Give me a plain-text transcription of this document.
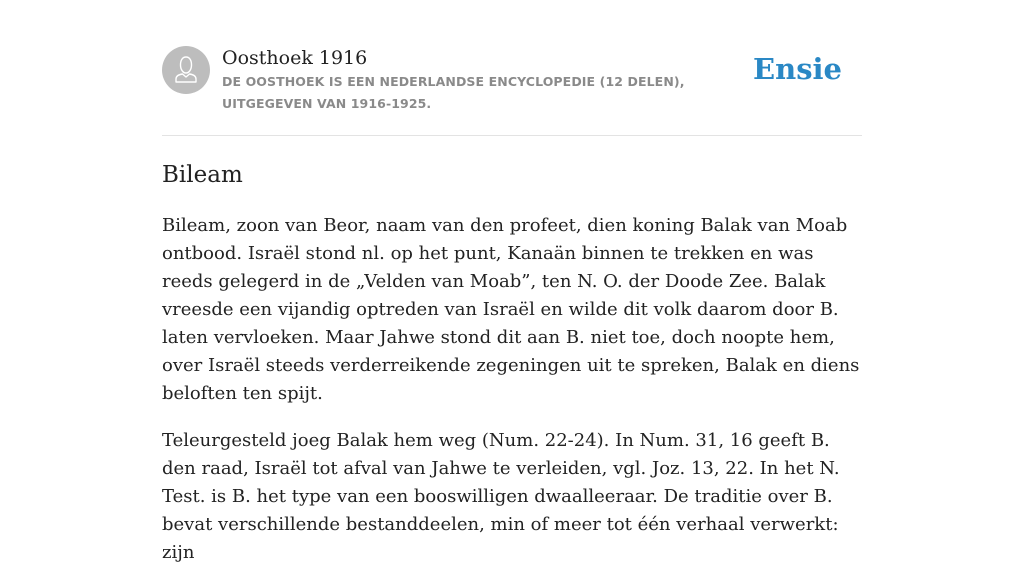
Oosthoek 1916
DE OOSTHOEK IS EEN NEDERLANDSE ENCYCLOPEDIE (12 DELEN), UITGEGEVEN VAN 1916-1925.
Ensie
Bileam

Bileam, zoon van Beor, naam van den profeet, dien koning Balak van Moab ontbood. Israël stond nl. op het punt, Kanaän binnen te trekken en was reeds gelegerd in de „Velden van Moab”, ten N. O. der Doode Zee. Balak vreesde een vijandig optreden van Israël en wilde dit volk daarom door B. laten vervloeken. Maar Jahwe stond dit aan B. niet toe, doch noopte hem, over Israël steeds verderreikende zegeningen uit te spreken, Balak en diens beloften ten spijt.

Teleurgesteld joeg Balak hem weg (Num. 22-24). In Num. 31, 16 geeft B. den raad, Israël tot afval van Jahwe te verleiden, vgl. Joz. 13, 22. In het N. Test. is B. het type van een booswilligen dwaalleeraar. De traditie over B. bevat verschillende bestanddeelen, min of meer tot één verhaal verwerkt: zijn
